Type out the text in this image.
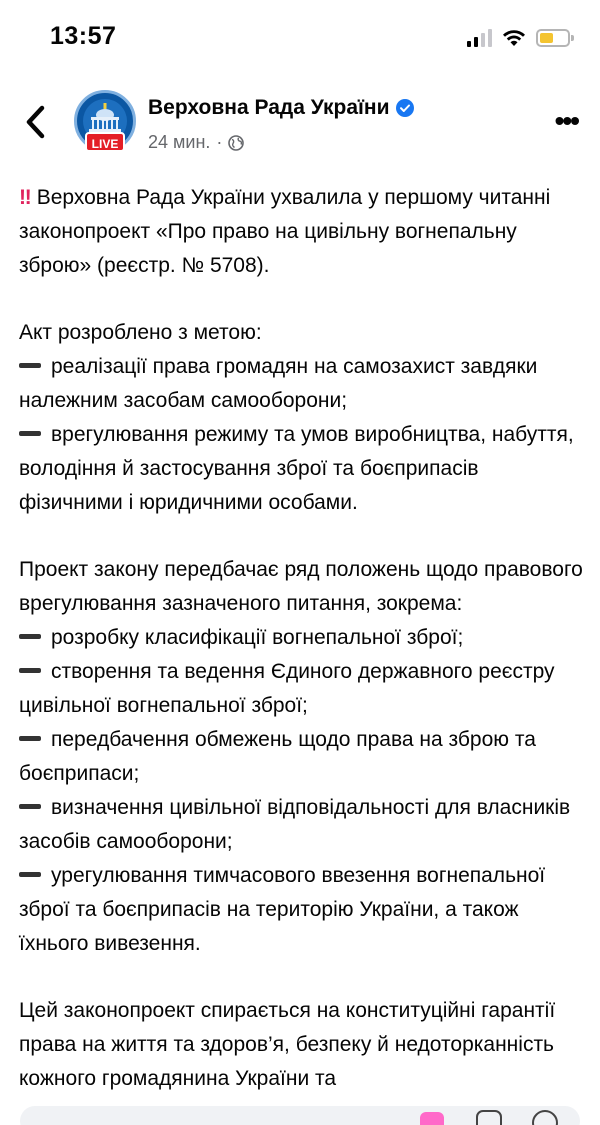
13:57
LIVE
Верховна Рада України
24 мин. ·
•••

‼ Верховна Рада України ухвалила у першому читанні законопроект «Про право на цивільну вогнепальну зброю» (реєстр. № 5708).

Акт розроблено з метою:

реалізації права громадян на самозахист завдяки належним засобам самооборони;

врегулювання режиму та умов виробництва, набуття, володіння й застосування зброї та боєприпасів фізичними і юридичними особами.

Проект закону передбачає ряд положень щодо правового врегулювання зазначеного питання, зокрема:

розробку класифікації вогнепальної зброї;

створення та ведення Єдиного державного реєстру цивільної вогнепальної зброї;

передбачення обмежень щодо права на зброю та боєприпаси;

визначення цивільної відповідальності для власників засобів самооборони;

урегулювання тимчасового ввезення вогнепальної зброї та боєприпасів на територію України, а також їхнього вивезення.

Цей законопроект спирається на конституційні гарантії права на життя та здоров’я, безпеку й недоторканність кожного громадянина України та
